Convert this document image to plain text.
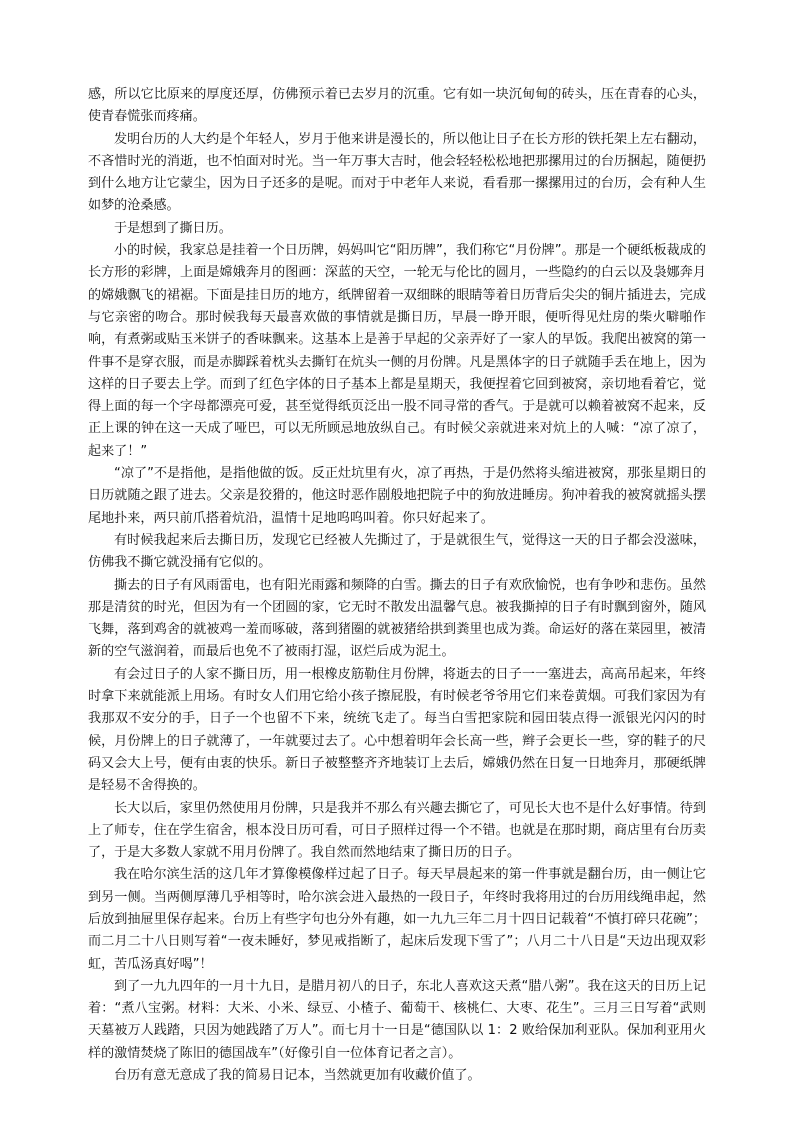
感，所以它比原来的厚度还厚，仿佛预示着已去岁月的沉重。它有如一块沉甸甸的砖头，压在青春的心头，使青春慌张而疼痛。

发明台历的人大约是个年轻人，岁月于他来讲是漫长的，所以他让日子在长方形的铁托架上左右翻动，不吝惜时光的消逝，也不怕面对时光。当一年万事大吉时，他会轻轻松松地把那摞用过的台历捆起，随便扔到什么地方让它蒙尘，因为日子还多的是呢。而对于中老年人来说，看看那一摞摞用过的台历，会有种人生如梦的沧桑感。

于是想到了撕日历。

小的时候，我家总是挂着一个日历牌，妈妈叫它“阳历牌”，我们称它“月份牌”。那是一个硬纸板裁成的长方形的彩牌，上面是嫦娥奔月的图画：深蓝的天空，一轮无与伦比的圆月，一些隐约的白云以及袅娜奔月的嫦娥飘飞的裙裾。下面是挂日历的地方，纸牌留着一双细眯的眼睛等着日历背后尖尖的铜片插进去，完成与它亲密的吻合。那时候我每天最喜欢做的事情就是撕日历，早晨一睁开眼，便听得见灶房的柴火噼啪作响，有煮粥或贴玉米饼子的香味飘来。这基本上是善于早起的父亲弄好了一家人的早饭。我爬出被窝的第一件事不是穿衣服，而是赤脚踩着枕头去撕钉在炕头一侧的月份牌。凡是黑体字的日子就随手丢在地上，因为这样的日子要去上学。而到了红色字体的日子基本上都是星期天，我便捏着它回到被窝，亲切地看着它，觉得上面的每一个字母都漂亮可爱，甚至觉得纸页泛出一股不同寻常的香气。于是就可以赖着被窝不起来，反正上课的钟在这一天成了哑巴，可以无所顾忌地放纵自己。有时候父亲就进来对炕上的人喊：“凉了凉了，起来了！”

“凉了”不是指他，是指他做的饭。反正灶坑里有火，凉了再热，于是仍然将头缩进被窝，那张星期日的日历就随之跟了进去。父亲是狡猾的，他这时恶作剧般地把院子中的狗放进睡房。狗冲着我的被窝就摇头摆尾地扑来，两只前爪搭着炕沿，温情十足地呜呜叫着。你只好起来了。

有时候我起来后去撕日历，发现它已经被人先撕过了，于是就很生气，觉得这一天的日子都会没滋味，仿佛我不撕它就没捅有它似的。

撕去的日子有风雨雷电，也有阳光雨露和频降的白雪。撕去的日子有欢欣愉悦，也有争吵和悲伤。虽然那是清贫的时光，但因为有一个团圆的家，它无时不散发出温馨气息。被我撕掉的日子有时飘到窗外，随风飞舞，落到鸡舍的就被鸡一羞而啄破，落到猪圈的就被猪给拱到粪里也成为粪。命运好的落在菜园里，被清新的空气滋润着，而最后也免不了被雨打湿，讴烂后成为泥土。

有会过日子的人家不撕日历，用一根橡皮筋勒住月份牌，将逝去的日子一一塞进去，高高吊起来，年终时拿下来就能派上用场。有时女人们用它给小孩子擦屁股，有时候老爷爷用它们来卷黄烟。可我们家因为有我那双不安分的手，日子一个也留不下来，统统飞走了。每当白雪把家院和园田装点得一派银光闪闪的时候，月份牌上的日子就薄了，一年就要过去了。心中想着明年会长高一些，辫子会更长一些，穿的鞋子的尺码又会大上号，便有由衷的快乐。新日子被整整齐齐地装订上去后，嫦娥仍然在日复一日地奔月，那硬纸牌是轻易不舍得换的。

长大以后，家里仍然使用月份牌，只是我并不那么有兴趣去撕它了，可见长大也不是什么好事情。待到上了师专，住在学生宿舍，根本没日历可看，可日子照样过得一个不错。也就是在那时期，商店里有台历卖了，于是大多数人家就不用月份牌了。我自然而然地结束了撕日历的日子。

我在哈尔滨生活的这几年才算像模像样过起了日子。每天早晨起来的第一件事就是翻台历，由一侧让它到另一侧。当两侧厚薄几乎相等时，哈尔滨会进入最热的一段日子，年终时我将用过的台历用线绳串起，然后放到抽屉里保存起来。台历上有些字句也分外有趣，如一九九三年二月十四日记载着“不慎打碎只花碗”；而二月二十八日则写着“一夜未睡好，梦见戒指断了，起床后发现下雪了”；八月二十八日是“天边出现双彩虹，苦瓜汤真好喝”！

到了一九九四年的一月十九日，是腊月初八的日子，东北人喜欢这天煮“腊八粥”。我在这天的日历上记着：“煮八宝粥。材料：大米、小米、绿豆、小楂子、葡萄干、核桃仁、大枣、花生”。三月三日写着“武则天墓被万人践踏，只因为她践踏了万人”。而七月十一日是“德国队以 1：2 败给保加利亚队。保加利亚用火样的激情焚烧了陈旧的德国战车”（好像引自一位体育记者之言）。

台历有意无意成了我的简易日记本，当然就更加有收藏价值了。
